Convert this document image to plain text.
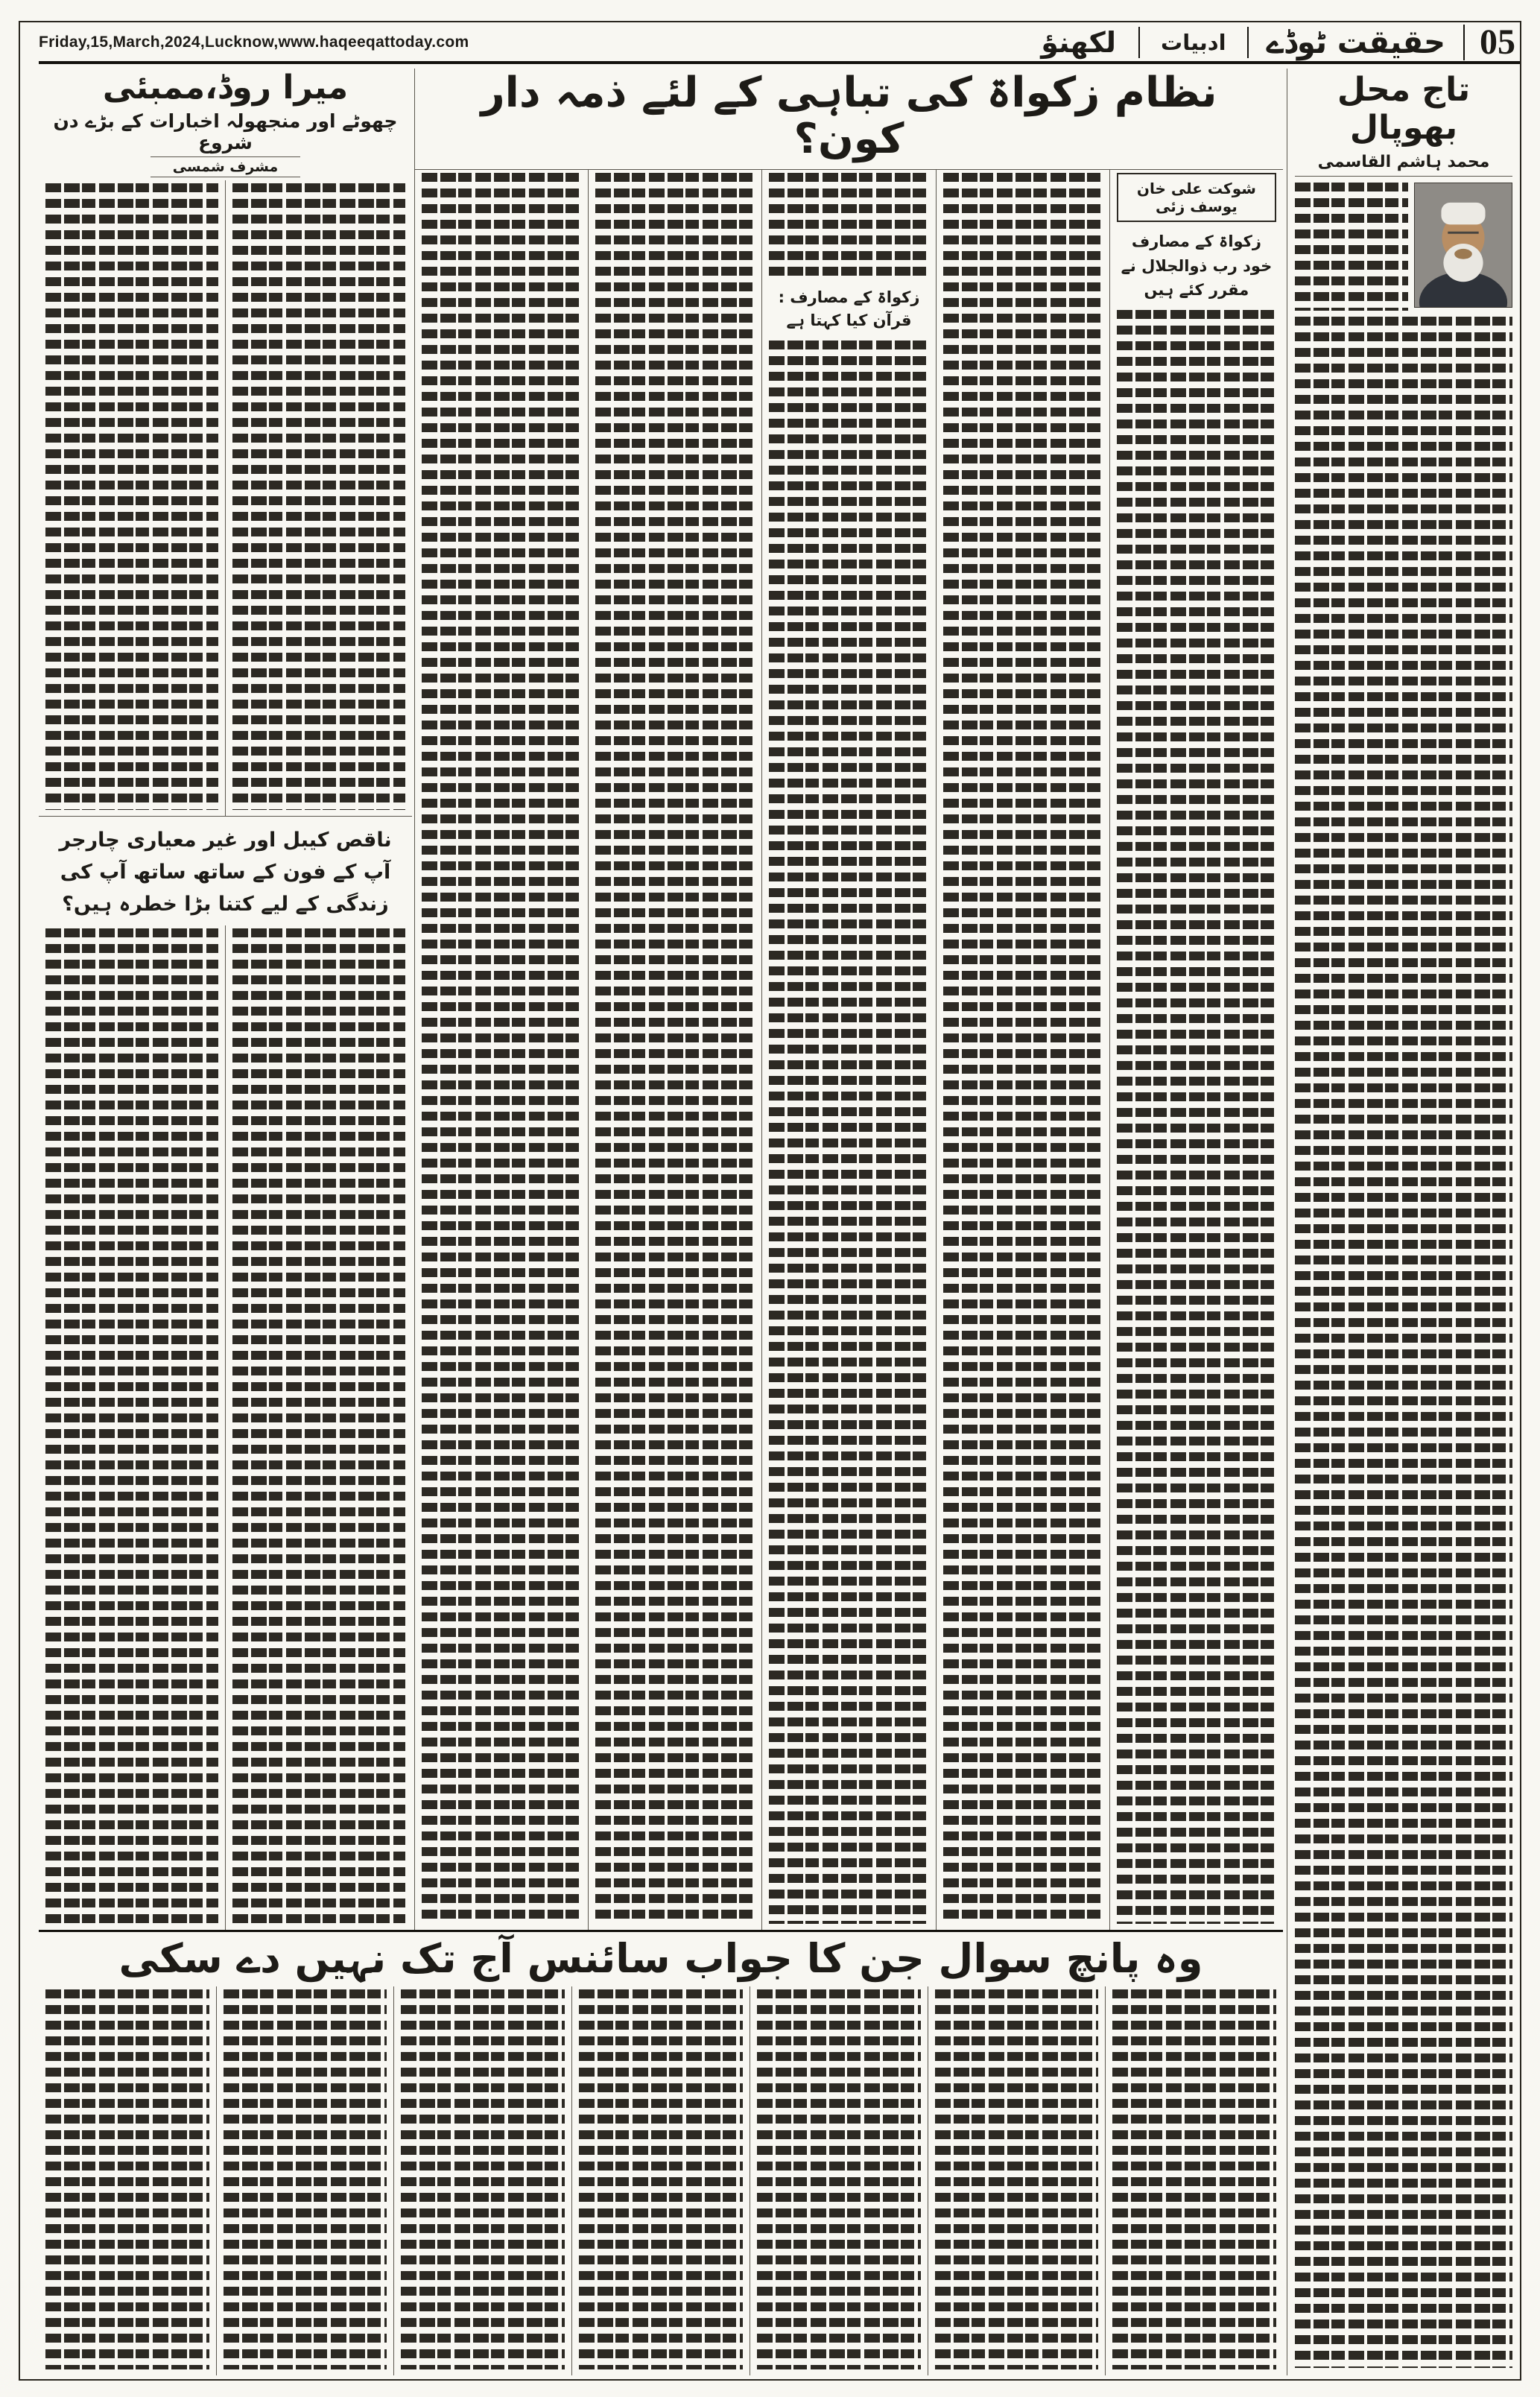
Friday,15,March,2024,Lucknow,www.haqeeqattoday.com	لکھنؤ	ادبیات	حقیقت ٹوڈے 05
تاج محل بھوپال
محمد ہاشم القاسمی
نظام زکواۃ کی تباہی کے لئے ذمہ دار کون؟
زکواۃ کے مصارف : قرآن کیا کہتا ہے
شوکت علی خان یوسف زئی
زکواۃ کے مصارف خود رب ذوالجلال نے مقرر کئے ہیں
میرا روڈ،ممبئی
چھوٹے اور منجھولہ اخبارات کے بڑے دن شروع
مشرف شمسی
ناقص کیبل اور غیر معیاری چارجر آپ کے فون کے ساتھ ساتھ آپ کی زندگی کے لیے کتنا بڑا خطرہ ہیں؟
وہ پانچ سوال جن کا جواب سائنس آج تک نہیں دے سکی
